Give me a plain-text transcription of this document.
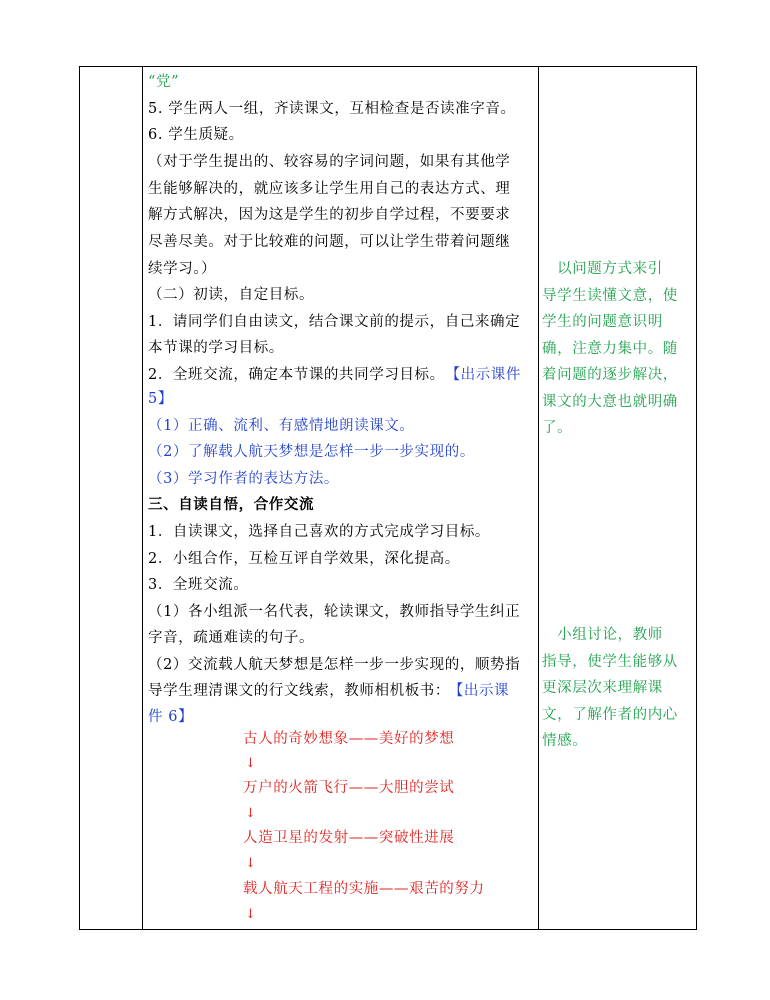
“党”
5. 学生两人一组，齐读课文，互相检查是否读准字音。
6. 学生质疑。
（对于学生提出的、较容易的字词问题，如果有其他学
生能够解决的，就应该多让学生用自己的表达方式、理
解方式解决，因为这是学生的初步自学过程，不要要求
尽善尽美。对于比较难的问题，可以让学生带着问题继
续学习。）
（二）初读，自定目标。
1．请同学们自由读文，结合课文前的提示，自己来确定
本节课的学习目标。
2．全班交流，确定本节课的共同学习目标。 【出示课件
5】
（1）正确、流利、有感情地朗读课文。
（2）了解载人航天梦想是怎样一步一步实现的。
（3）学习作者的表达方法。
三、自读自悟，合作交流
1．自读课文，选择自己喜欢的方式完成学习目标。
2．小组合作，互检互评自学效果，深化提高。
3．全班交流。
（1）各小组派一名代表，轮读课文，教师指导学生纠正
字音，疏通难读的句子。
（2）交流载人航天梦想是怎样一步一步实现的，顺势指
导学生理清课文的行文线索，教师相机板书： 【出示课
件 6】
古人的奇妙想象——美好的梦想
↓
万户的火箭飞行——大胆的尝试
↓
人造卫星的发射——突破性进展
↓
载人航天工程的实施——艰苦的努力
↓
　以问题方式来引
导学生读懂文意，使
学生的问题意识明
确，注意力集中。随
着问题的逐步解决，
课文的大意也就明确
了。
　小组讨论，教师
指导，使学生能够从
更深层次来理解课
文，了解作者的内心
情感。
